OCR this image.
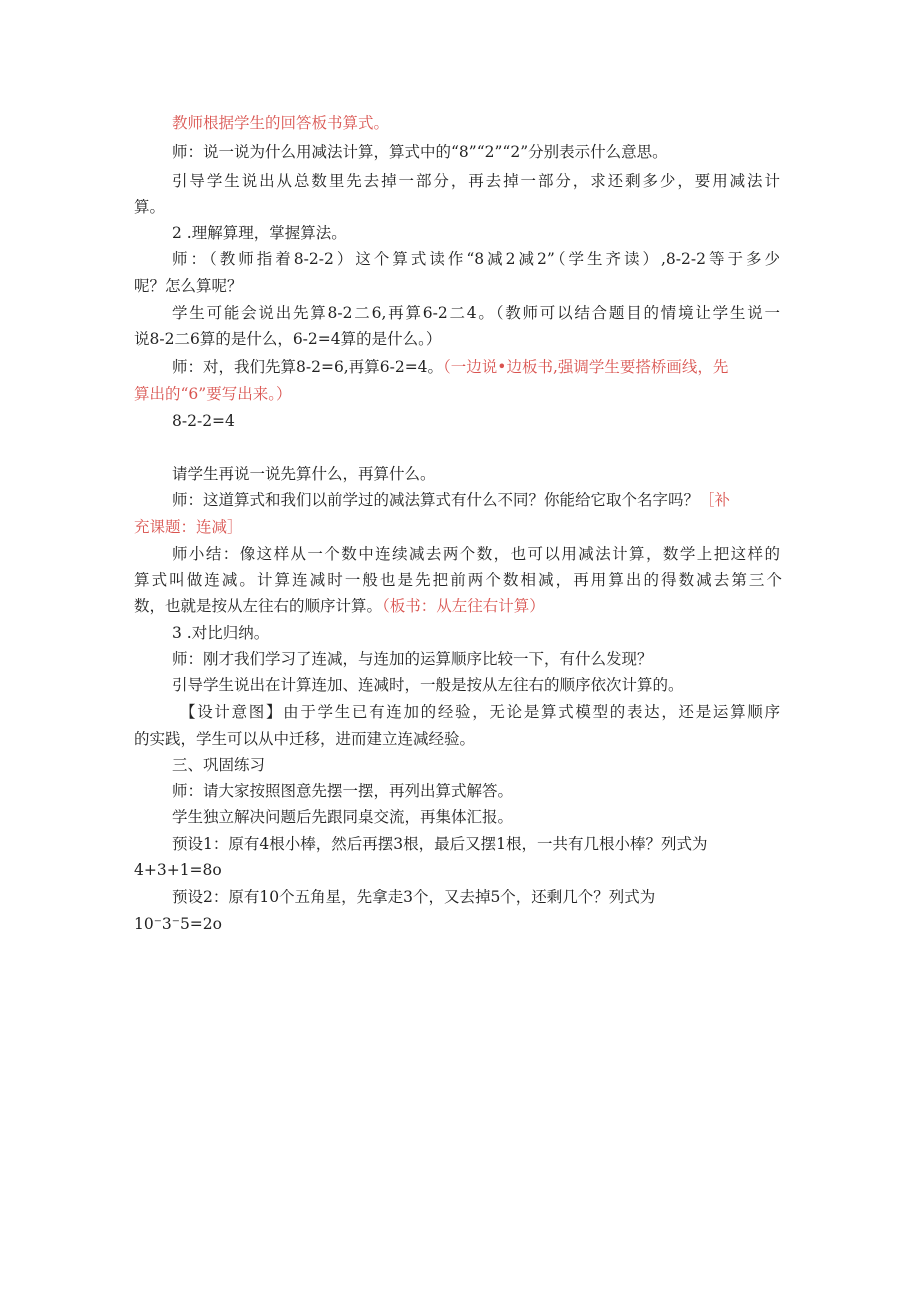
教师根据学生的回答板书算式。
师：说一说为什么用减法计算，算式中的“8”“2”“2”分别表示什么意思。
引导学生说出从总数里先去掉一部分，再去掉一部分，求还剩多少，要用减法计
算。
2 .理解算理，掌握算法。
师：（教师指着8-2-2）这个算式读作“8减2减2”（学生齐读）,8-2-2等于多少
呢？怎么算呢？
学生可能会说出先算8-2二6,再算6-2二4。（教师可以结合题目的情境让学生说一
说8-2二6算的是什么，6-2=4算的是什么。）
师：对，我们先算8-2=6,再算6-2=4。（一边说•边板书,强调学生要搭桥画线，先
算出的“6”要写出来。）
8-2-2=4
请学生再说一说先算什么，再算什么。
师：这道算式和我们以前学过的减法算式有什么不同？你能给它取个名字吗？［补
充课题：连减］
师小结：像这样从一个数中连续减去两个数，也可以用减法计算，数学上把这样的
算式叫做连减。计算连减时一般也是先把前两个数相减，再用算出的得数减去第三个
数，也就是按从左往右的顺序计算。（板书：从左往右计算）
3 .对比归纳。
师：刚才我们学习了连减，与连加的运算顺序比较一下，有什么发现？
引导学生说出在计算连加、连减时，一般是按从左往右的顺序依次计算的。
【设计意图】由于学生已有连加的经验，无论是算式模型的表达，还是运算顺序
的实践，学生可以从中迁移，进而建立连减经验。
三、巩固练习
师：请大家按照图意先摆一摆，再列出算式解答。
学生独立解决问题后先跟同桌交流，再集体汇报。
预设1：原有4根小棒，然后再摆3根，最后又摆1根，一共有几根小棒？列式为
4+3+1=8o
预设2：原有10个五角星，先拿走3个，又去掉5个，还剩几个？列式为
10⁻3⁻5=2o
